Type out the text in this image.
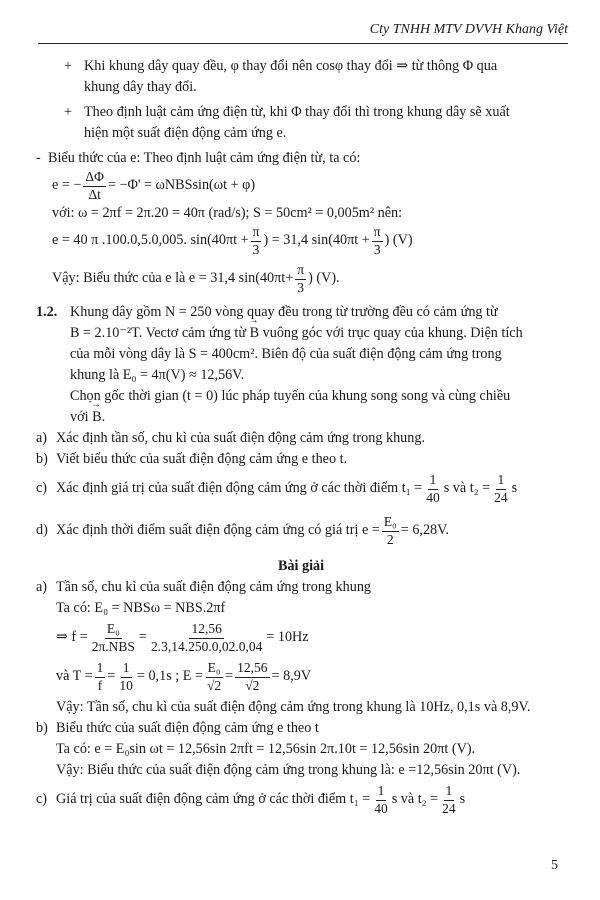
Cty TNHH MTV DVVH Khang Việt
+ Khi khung dây quay đều, φ thay đổi nên cosφ thay đổi ⇒ từ thông Φ qua
khung dây thay đổi.
+ Theo định luật cảm ứng điện từ, khi Φ thay đổi thì trong khung dây sẽ xuất
hiện một suất điện động cảm ứng e.
- Biểu thức của e: Theo định luật cảm ứng điện từ, ta có:
e = − $\frac{\Delta\Phi}{\Delta t} = -\Phi' = \omega NBSsin(\omega t + \varphi)$
với: ω = 2πf = 2π.20 = 40π (rad/s); S = 50cm² = 0,005m² nên:
e = 40 π .100.0,5.0,005. $\sin(40\pi t + \frac{\pi}{3}$ ) = 31,4 $\sin(40\pi t + \frac{\pi}{3}$ ) (V)
Vậy: Biểu thức của e là e = 31,4 $\sin(40\pi t+ \frac{\pi}{3}$ ) (V).
1.2. Khung dây gồm N = 250 vòng quay đều trong từ trường đều có cảm ứng từ
B = 2.10⁻²T. Vectơ cảm ứng từ
→ B
vuông góc với trục quay của khung. Diện tích
của mỗi vòng dây là S = 400cm². Biên độ của suất điện động cảm ứng trong
khung là E₀ = 4π(V) ≈ 12,56V.
Chọn gốc thời gian (t = 0) lúc pháp tuyến của khung song song và cùng chiều
với
→ B .
a) Xác định tần số, chu kì của suất điện động cảm ứng trong khung.
b) Viết biểu thức của suất điện động cảm ứng e theo t.
c) Xác định giá trị của suất điện động cảm ứng ở các thời điểm $t_1 = \frac{1}{40}$ s và $t_2 = \frac{1}{24}$ s
d) Xác định thời điểm suất điện động cảm ứng có giá trị $e = \frac{\text{E₀}}{2} = 6,28V$.
Bài giải
a) Tần số, chu kì của suất điện động cảm ứng trong khung
Ta có: E₀ = NBSω = NBS.2πf
⇒ $f = \frac{\text{E₀}}{\text{2π.NBS}} = \frac{12,56}{2.3,14.250.0,02.0,04} = 10Hz$
và $T = \frac{1}{f} = \frac{1}{10} = 0,1s$ ; $E = \frac{\text{E₀}}{√2} = \frac{12,56}{√2} = 8,9V$
Vậy: Tần số, chu kì của suất điện động cảm ứng trong khung là 10Hz, 0,1s và 8,9V.
b) Biểu thức của suất điện động cảm ứng e theo t
Ta có: e = E₀sin ωt = 12,56sin 2πft = 12,56sin 2π.10t = 12,56sin 20πt (V).
Vậy: Biểu thức của suất điện động cảm ứng trong khung là: e =12,56sin 20πt (V).
c) Giá trị của suất điện động cảm ứng ở các thời điểm $t_1 = \frac{1}{40}$ s và $t_2 = \frac{1}{24}$ s
5
